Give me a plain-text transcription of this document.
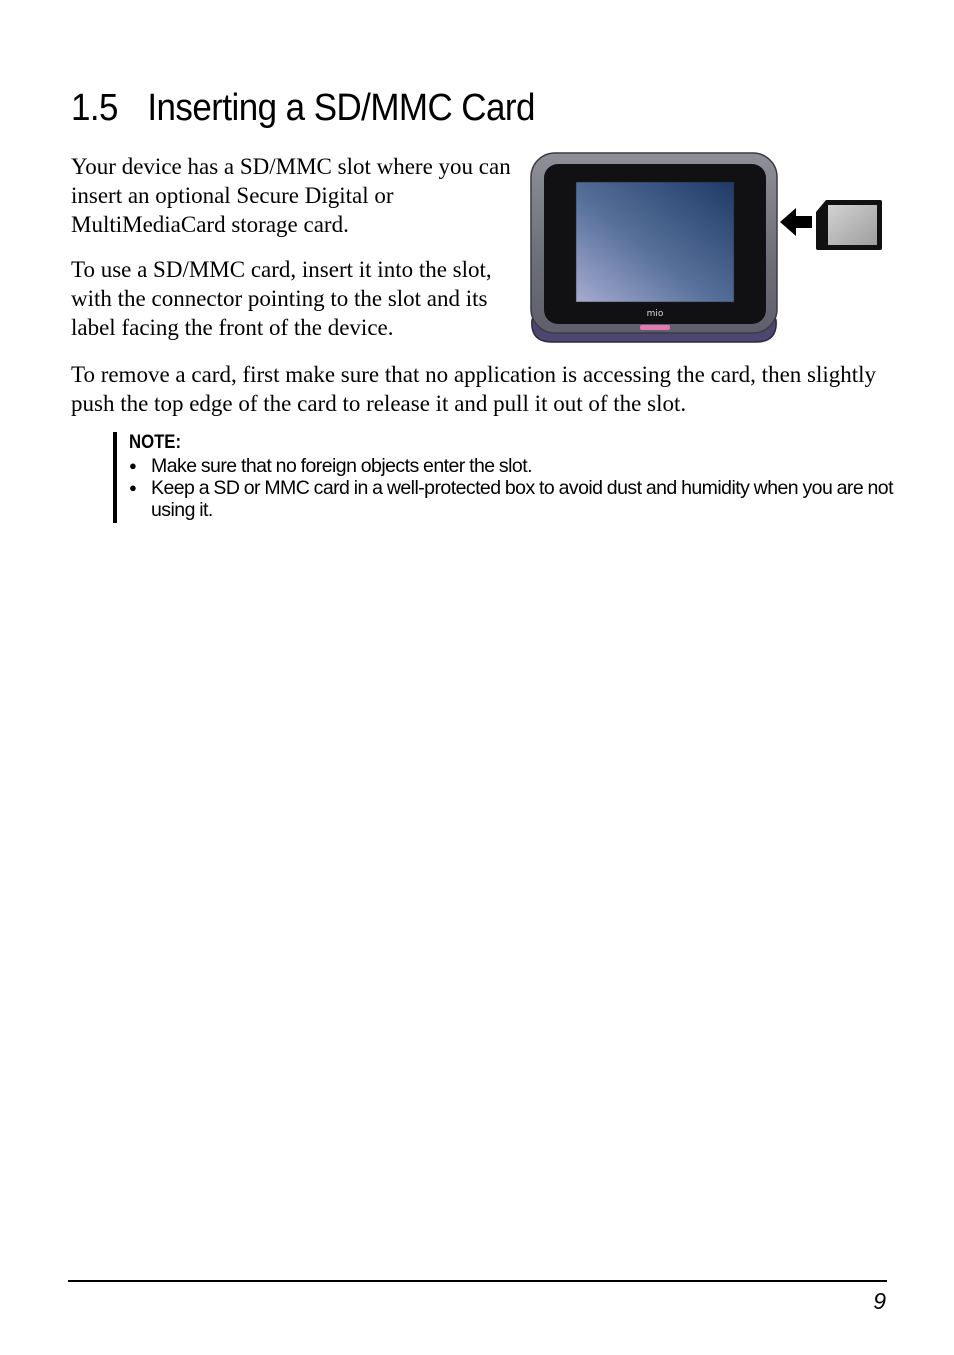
1.5 Inserting a SD/MMC Card

Your device has a SD/MMC slot where you can insert an optional Secure Digital or MultiMediaCard storage card.

To use a SD/MMC card, insert it into the slot, with the connector pointing to the slot and its label facing the front of the device.

mio

To remove a card, first make sure that no application is accessing the card, then slightly push the top edge of the card to release it and pull it out of the slot.

NOTE:
● Make sure that no foreign objects enter the slot.
● Keep a SD or MMC card in a well-protected box to avoid dust and humidity when you are not using it.
9
